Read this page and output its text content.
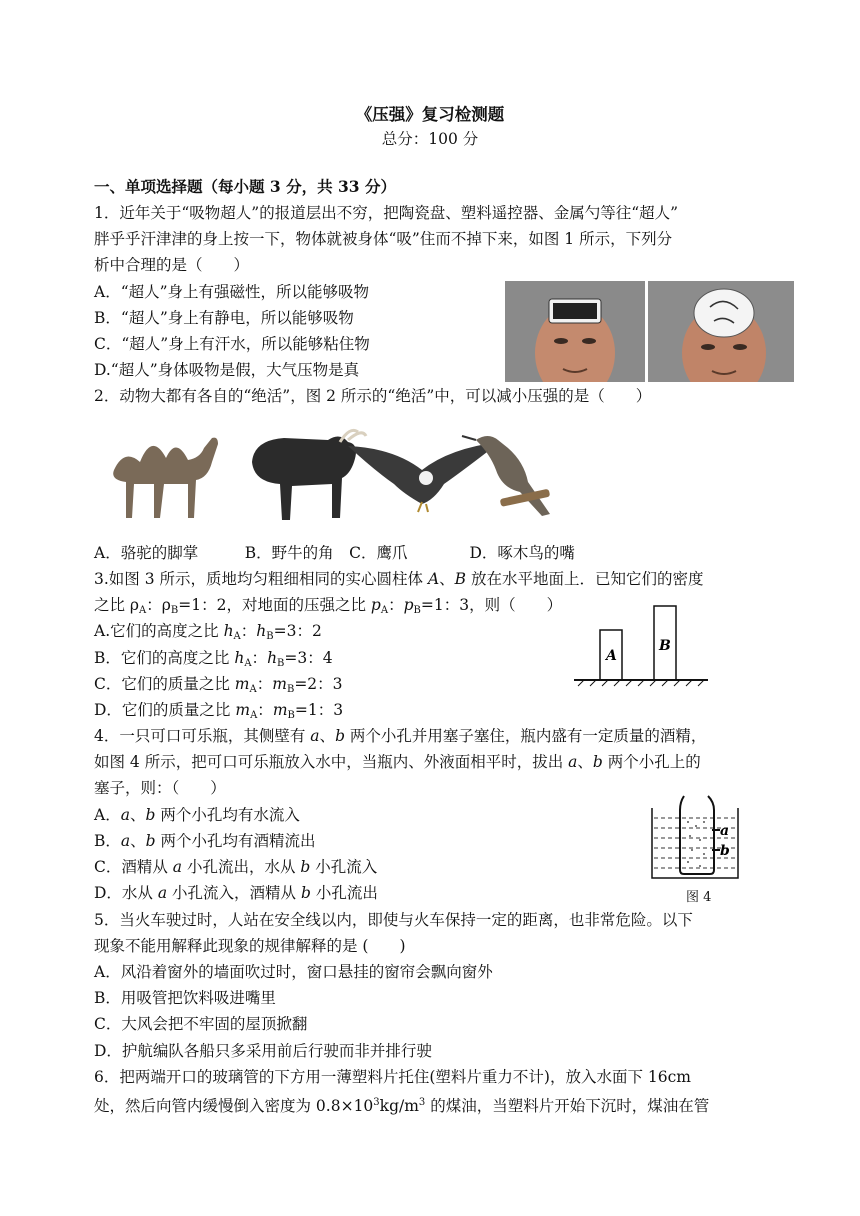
《压强》复习检测题
总分：100 分
一、单项选择题（每小题 3 分，共 33 分）
1．近年关于“吸物超人”的报道层出不穷，把陶瓷盘、塑料遥控器、金属勺等往“超人”
胖乎乎汗津津的身上按一下，物体就被身体“吸”住而不掉下来，如图 1 所示，下列分
析中合理的是（　　）
A．“超人”身上有强磁性，所以能够吸物
B．“超人”身上有静电，所以能够吸物
C．“超人”身上有汗水，所以能够粘住物
D.“超人”身体吸物是假，大气压物是真
2．动物大都有各自的“绝活”，图 2 所示的“绝活”中，可以减小压强的是（　　）
A．骆驼的脚掌　　　B．野牛的角　C．鹰爪　　　　D．啄木鸟的嘴
3.如图 3 所示，质地均匀粗细相同的实心圆柱体 A、B 放在水平地面上．已知它们的密度
之比 $\rho_A$：$\rho_B=1$：2，对地面的压强之比 $p_A$：$p_B=1$：3，则（　　）
A.它们的高度之比 $h_A$：$h_B=3$：2
B．它们的高度之比 $h_A$：$h_B=3$：4
C．它们的质量之比 $m_A$：$m_B=2$：3
D．它们的质量之比 $m_A$：$m_B=1$：3
A
B
4．一只可口可乐瓶，其侧壁有 a、b 两个小孔并用塞子塞住，瓶内盛有一定质量的酒精，
如图 4 所示，把可口可乐瓶放入水中，当瓶内、外液面相平时，拔出 a、b 两个小孔上的
塞子，则：（　　）
A．a、b 两个小孔均有水流入
B．a、b 两个小孔均有酒精流出
C．酒精从 a 小孔流出，水从 b 小孔流入
D．水从 a 小孔流入，酒精从 b 小孔流出
a
b
图 4
5．当火车驶过时，人站在安全线以内，即使与火车保持一定的距离，也非常危险。以下
现象不能用解释此现象的规律解释的是 (　　)
A．风沿着窗外的墙面吹过时，窗口悬挂的窗帘会飘向窗外
B．用吸管把饮料吸进嘴里
C．大风会把不牢固的屋顶掀翻
D．护航编队各船只多采用前后行驶而非并排行驶
6．把两端开口的玻璃管的下方用一薄塑料片托住(塑料片重力不计)，放入水面下 16cm
处，然后向管内缓慢倒入密度为 $0.8\times 10^3kg/m^3$ 的煤油，当塑料片开始下沉时，煤油在管
